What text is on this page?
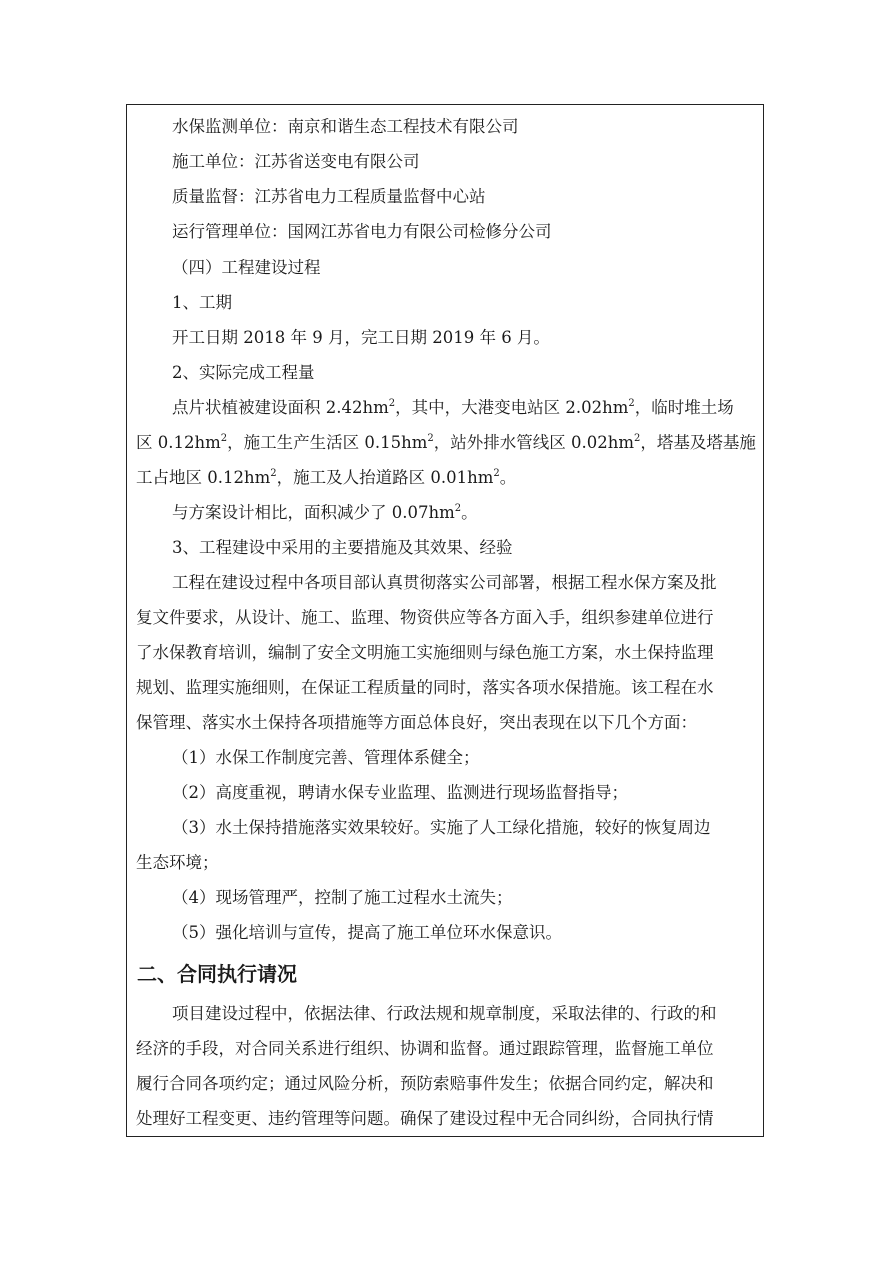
水保监测单位：南京和谐生态工程技术有限公司
施工单位：江苏省送变电有限公司
质量监督：江苏省电力工程质量监督中心站
运行管理单位：国网江苏省电力有限公司检修分公司
（四）工程建设过程
1、工期
开工日期 2018 年 9 月，完工日期 2019 年 6 月。
2、实际完成工程量
点片状植被建设面积 $2.42hm^2$，其中，大港变电站区 $2.02hm^2$，临时堆土场
区 $0.12hm^2$，施工生产生活区 $0.15hm^2$，站外排水管线区 $0.02hm^2$，塔基及塔基施
工占地区 $0.12hm^2$，施工及人抬道路区 $0.01hm^2$。
与方案设计相比，面积减少了 $0.07hm^2$。
3、工程建设中采用的主要措施及其效果、经验
工程在建设过程中各项目部认真贯彻落实公司部署，根据工程水保方案及批
复文件要求，从设计、施工、监理、物资供应等各方面入手，组织参建单位进行
了水保教育培训，编制了安全文明施工实施细则与绿色施工方案，水土保持监理
规划、监理实施细则，在保证工程质量的同时，落实各项水保措施。该工程在水
保管理、落实水土保持各项措施等方面总体良好，突出表现在以下几个方面：
（1）水保工作制度完善、管理体系健全；
（2）高度重视，聘请水保专业监理、监测进行现场监督指导；
（3）水土保持措施落实效果较好。实施了人工绿化措施，较好的恢复周边
生态环境；
（4）现场管理严，控制了施工过程水土流失；
（5）强化培训与宣传，提高了施工单位环水保意识。
二、合同执行请况
项目建设过程中，依据法律、行政法规和规章制度，采取法律的、行政的和
经济的手段，对合同关系进行组织、协调和监督。通过跟踪管理，监督施工单位
履行合同各项约定；通过风险分析，预防索赔事件发生；依据合同约定，解决和
处理好工程变更、违约管理等问题。确保了建设过程中无合同纠纷，合同执行情
